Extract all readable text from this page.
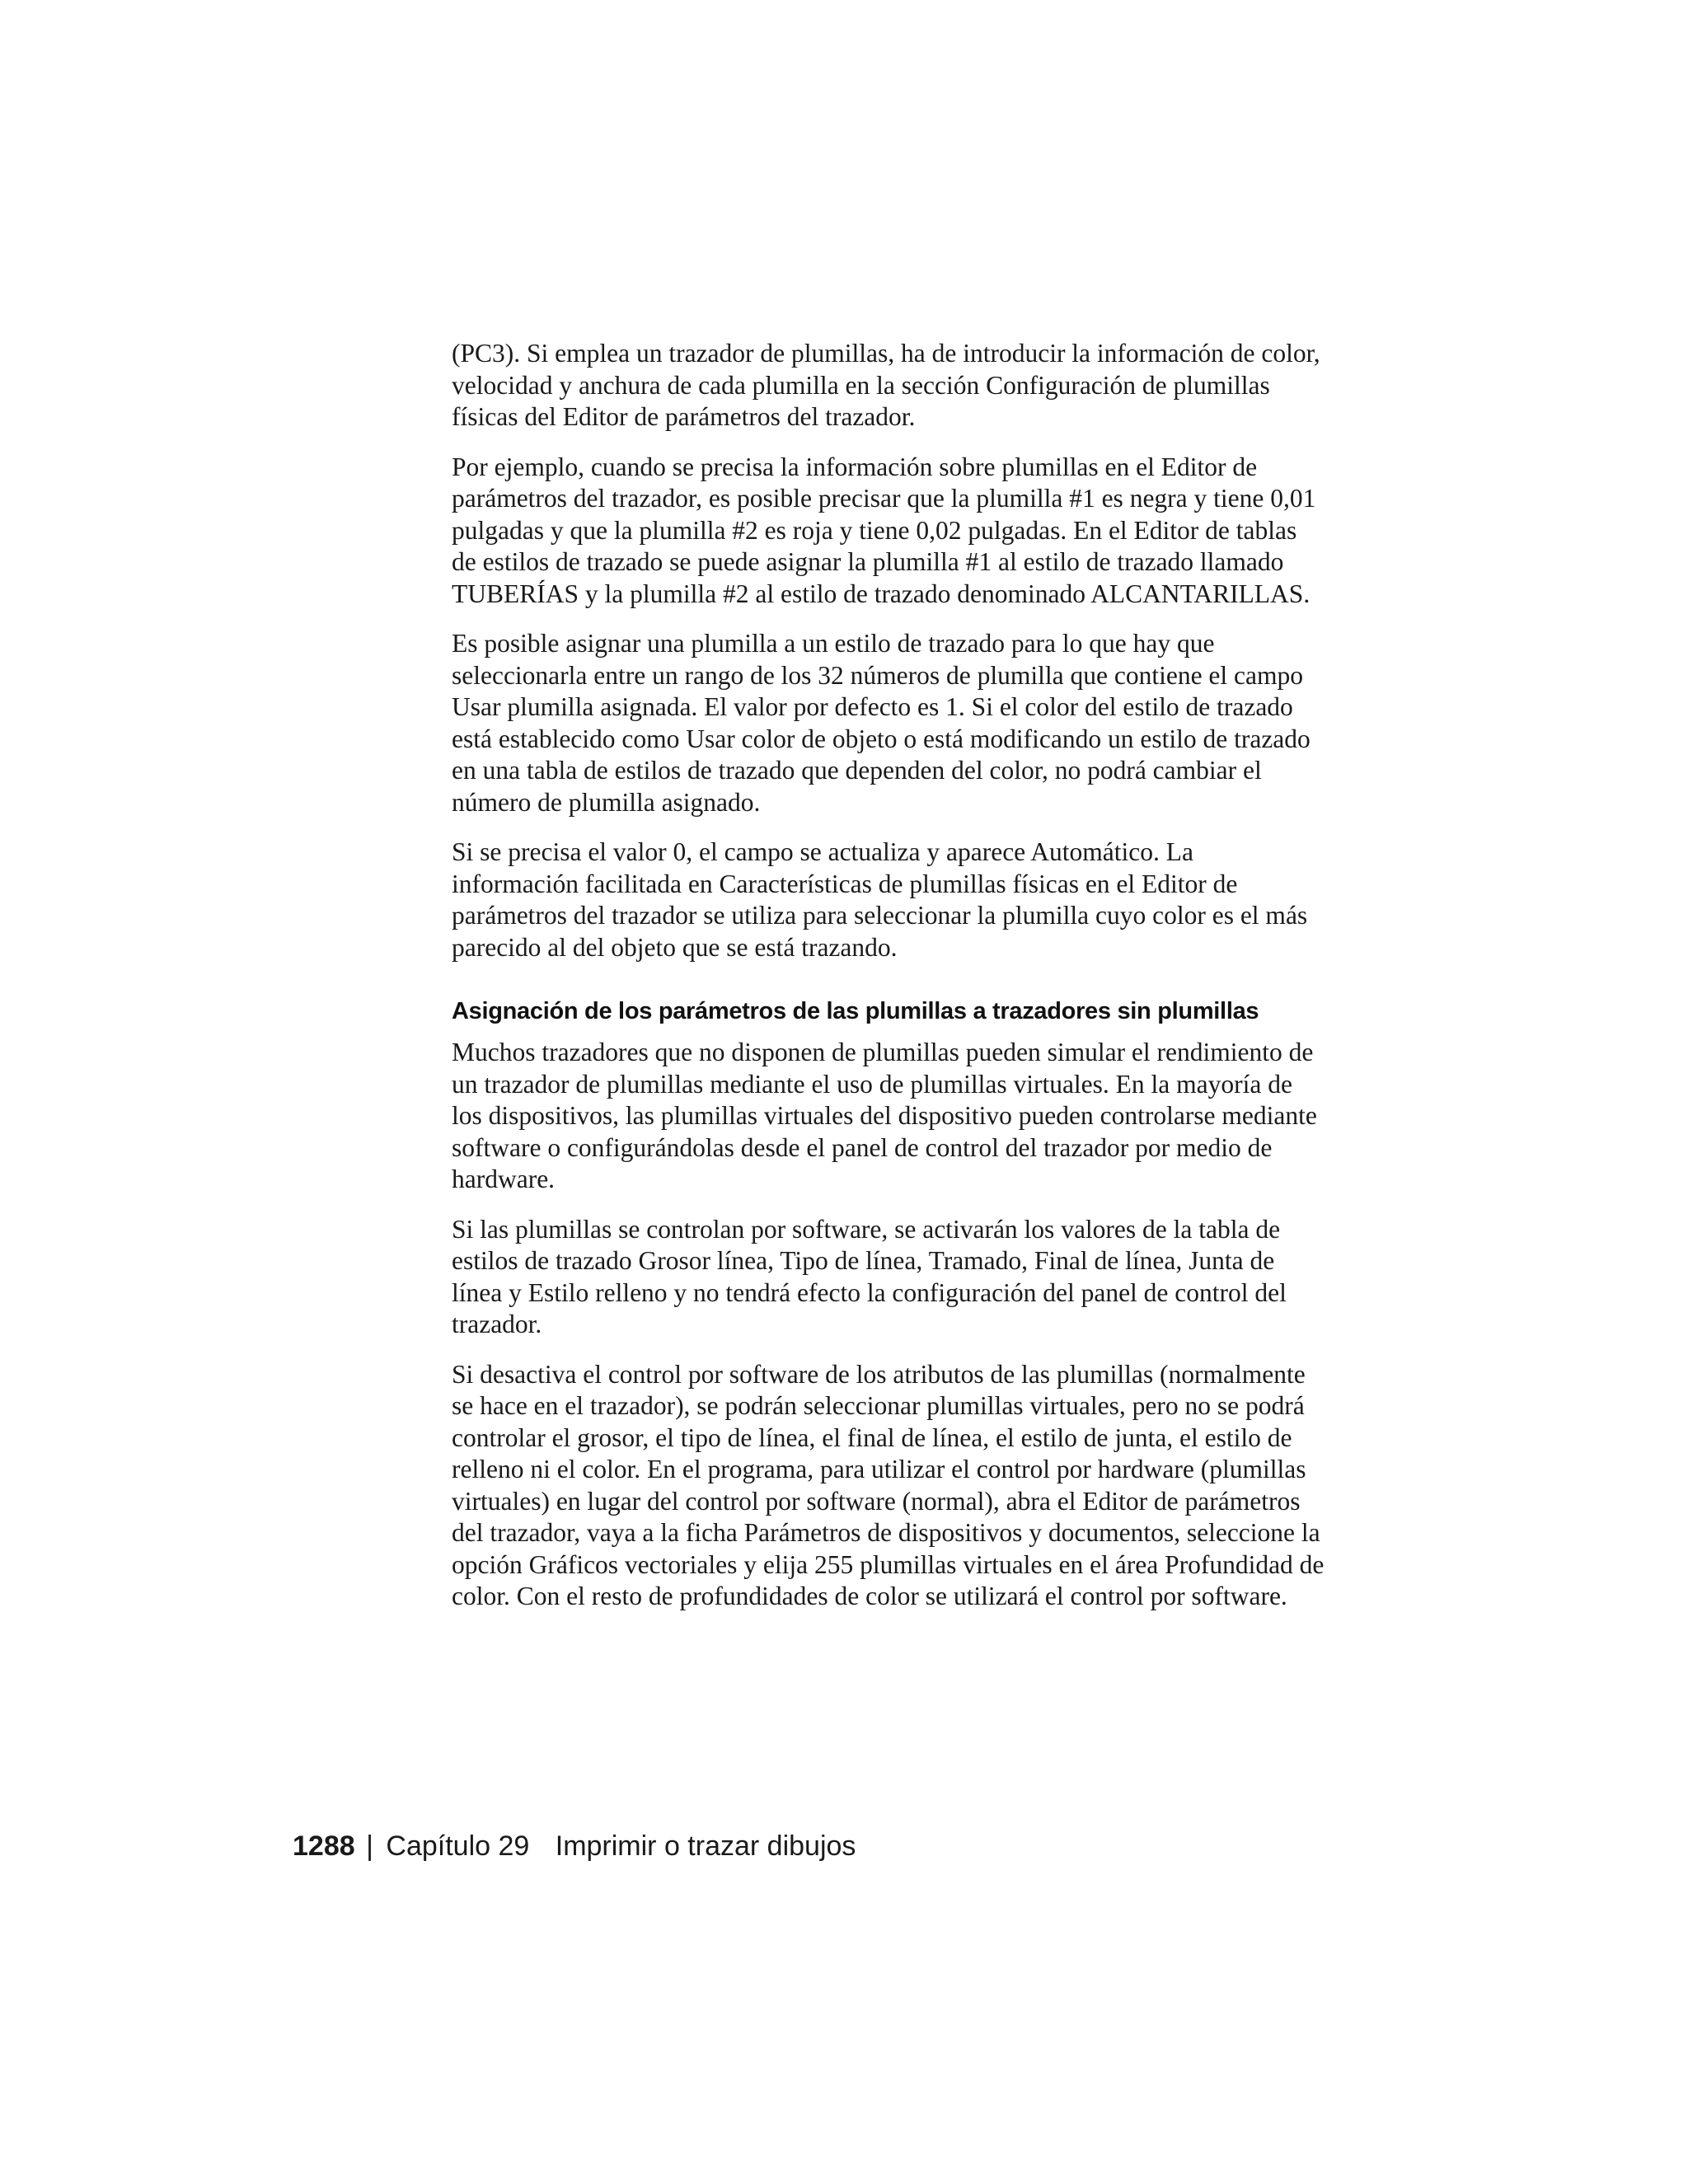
(PC3). Si emplea un trazador de plumillas, ha de introducir la información de color, velocidad y anchura de cada plumilla en la sección Configuración de plumillas físicas del Editor de parámetros del trazador.

Por ejemplo, cuando se precisa la información sobre plumillas en el Editor de parámetros del trazador, es posible precisar que la plumilla #1 es negra y tiene 0,01 pulgadas y que la plumilla #2 es roja y tiene 0,02 pulgadas. En el Editor de tablas de estilos de trazado se puede asignar la plumilla #1 al estilo de trazado llamado TUBERÍAS y la plumilla #2 al estilo de trazado denominado ALCANTARILLAS.

Es posible asignar una plumilla a un estilo de trazado para lo que hay que seleccionarla entre un rango de los 32 números de plumilla que contiene el campo Usar plumilla asignada. El valor por defecto es 1. Si el color del estilo de trazado está establecido como Usar color de objeto o está modificando un estilo de trazado en una tabla de estilos de trazado que dependen del color, no podrá cambiar el número de plumilla asignado.

Si se precisa el valor 0, el campo se actualiza y aparece Automático. La información facilitada en Características de plumillas físicas en el Editor de parámetros del trazador se utiliza para seleccionar la plumilla cuyo color es el más parecido al del objeto que se está trazando.

Asignación de los parámetros de las plumillas a trazadores sin plumillas

Muchos trazadores que no disponen de plumillas pueden simular el rendimiento de un trazador de plumillas mediante el uso de plumillas virtuales. En la mayoría de los dispositivos, las plumillas virtuales del dispositivo pueden controlarse mediante software o configurándolas desde el panel de control del trazador por medio de hardware.

Si las plumillas se controlan por software, se activarán los valores de la tabla de estilos de trazado Grosor línea, Tipo de línea, Tramado, Final de línea, Junta de línea y Estilo relleno y no tendrá efecto la configuración del panel de control del trazador.

Si desactiva el control por software de los atributos de las plumillas (normalmente se hace en el trazador), se podrán seleccionar plumillas virtuales, pero no se podrá controlar el grosor, el tipo de línea, el final de línea, el estilo de junta, el estilo de relleno ni el color. En el programa, para utilizar el control por hardware (plumillas virtuales) en lugar del control por software (normal), abra el Editor de parámetros del trazador, vaya a la ficha Parámetros de dispositivos y documentos, seleccione la opción Gráficos vectoriales y elija 255 plumillas virtuales en el área Profundidad de color. Con el resto de profundidades de color se utilizará el control por software.

1288 | Capítulo 29 Imprimir o trazar dibujos
